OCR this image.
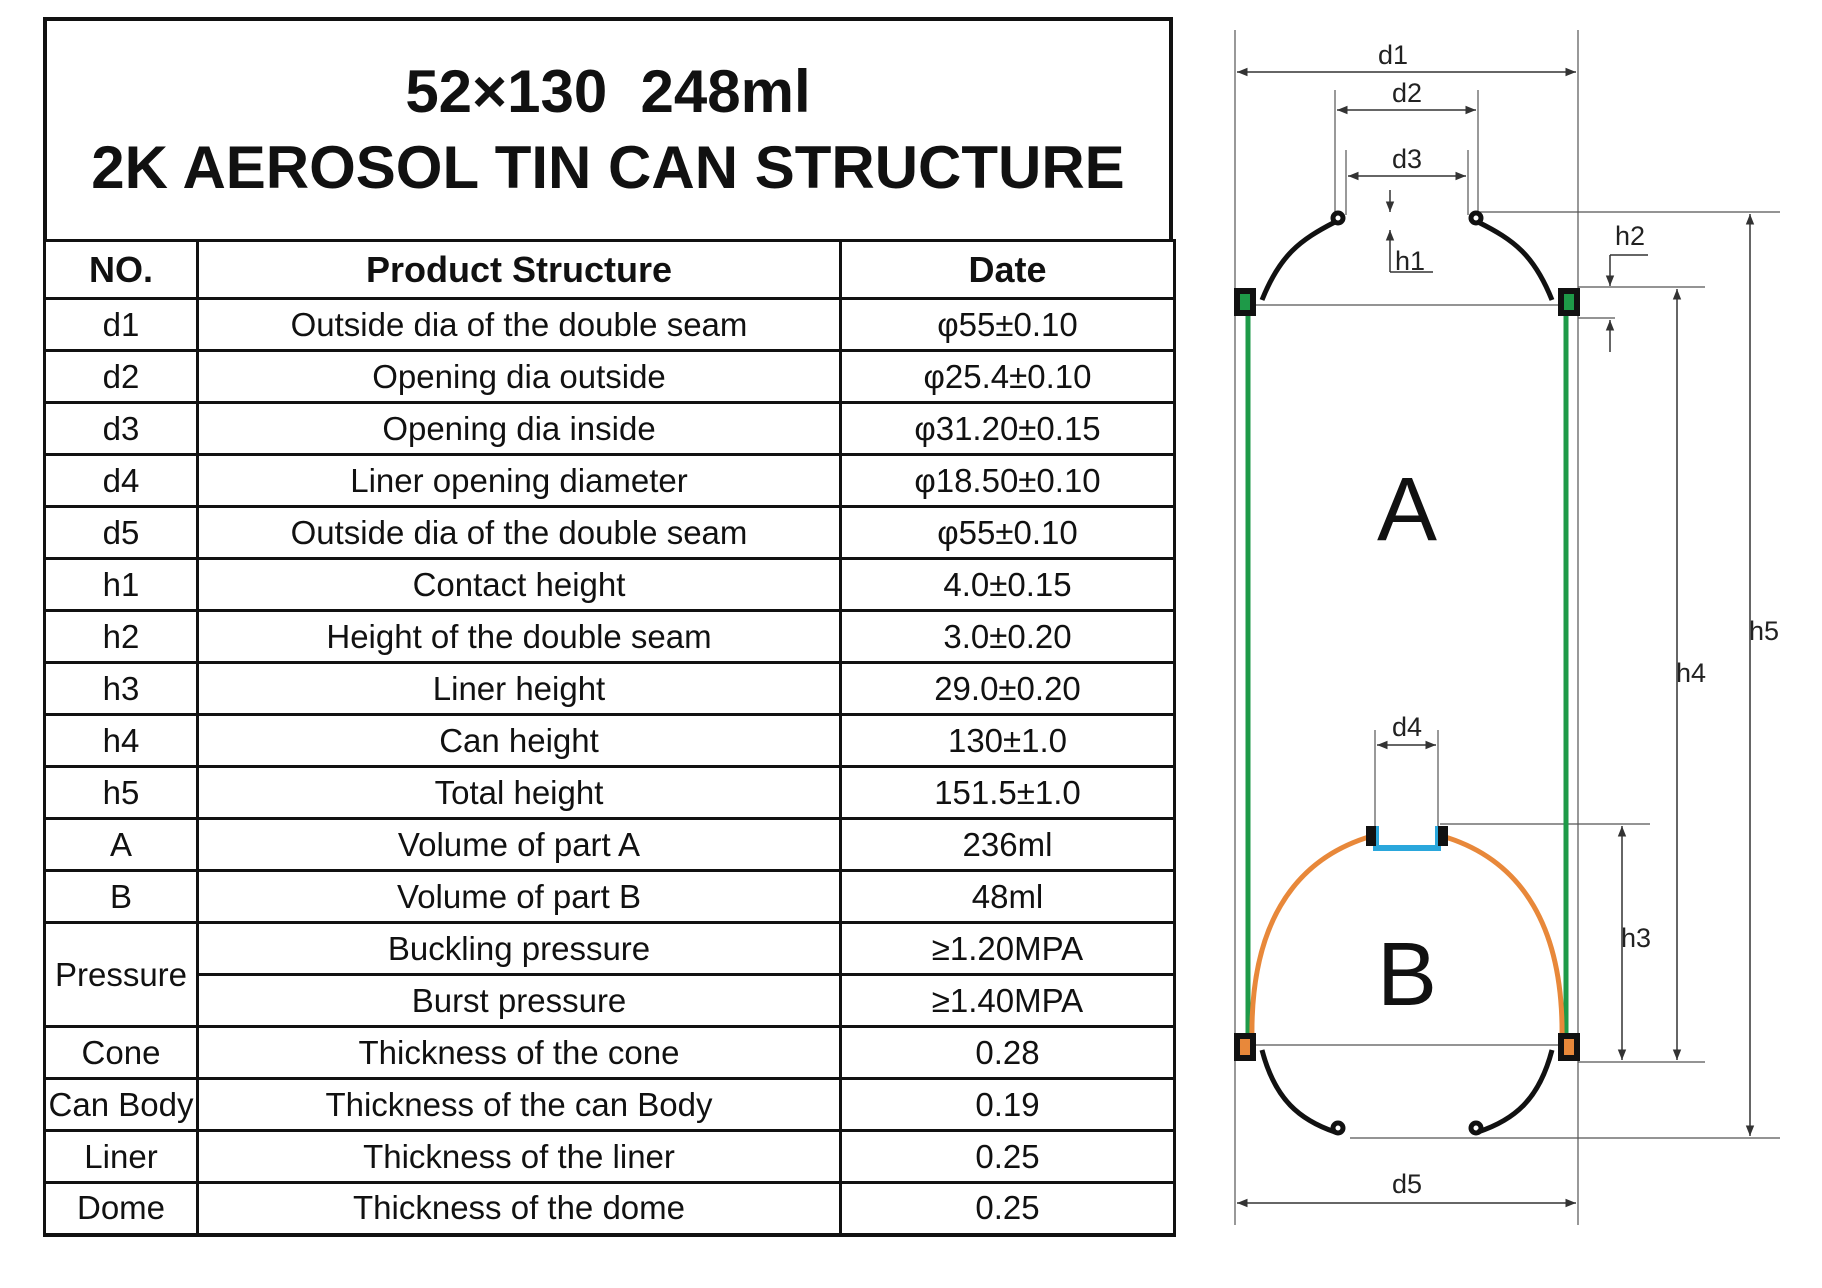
52×130  248ml
2K AEROSOL TIN CAN STRUCTURE
NO.	Product Structure	Date
d1	Outside dia of the double seam	φ55±0.10
d2	Opening dia outside	φ25.4±0.10
d3	Opening dia inside	φ31.20±0.15
d4	Liner opening diameter	φ18.50±0.10
d5	Outside dia of the double seam	φ55±0.10
h1	Contact height	4.0±0.15
h2	Height of the double seam	3.0±0.20
h3	Liner height	29.0±0.20
h4	Can height	130±1.0
h5	Total height	151.5±1.0
A	Volume of part A	236ml
B	Volume of part B	48ml
Pressure	Buckling pressure	≥1.20MPA
	Burst pressure	≥1.40MPA
Cone	Thickness of the cone	0.28
Can Body	Thickness of the can Body	0.19
Liner	Thickness of the liner	0.25
Dome	Thickness of the dome	0.25
d1
d2
d3
h1
h2
d4
h3
h4
h5
d5
A
B
